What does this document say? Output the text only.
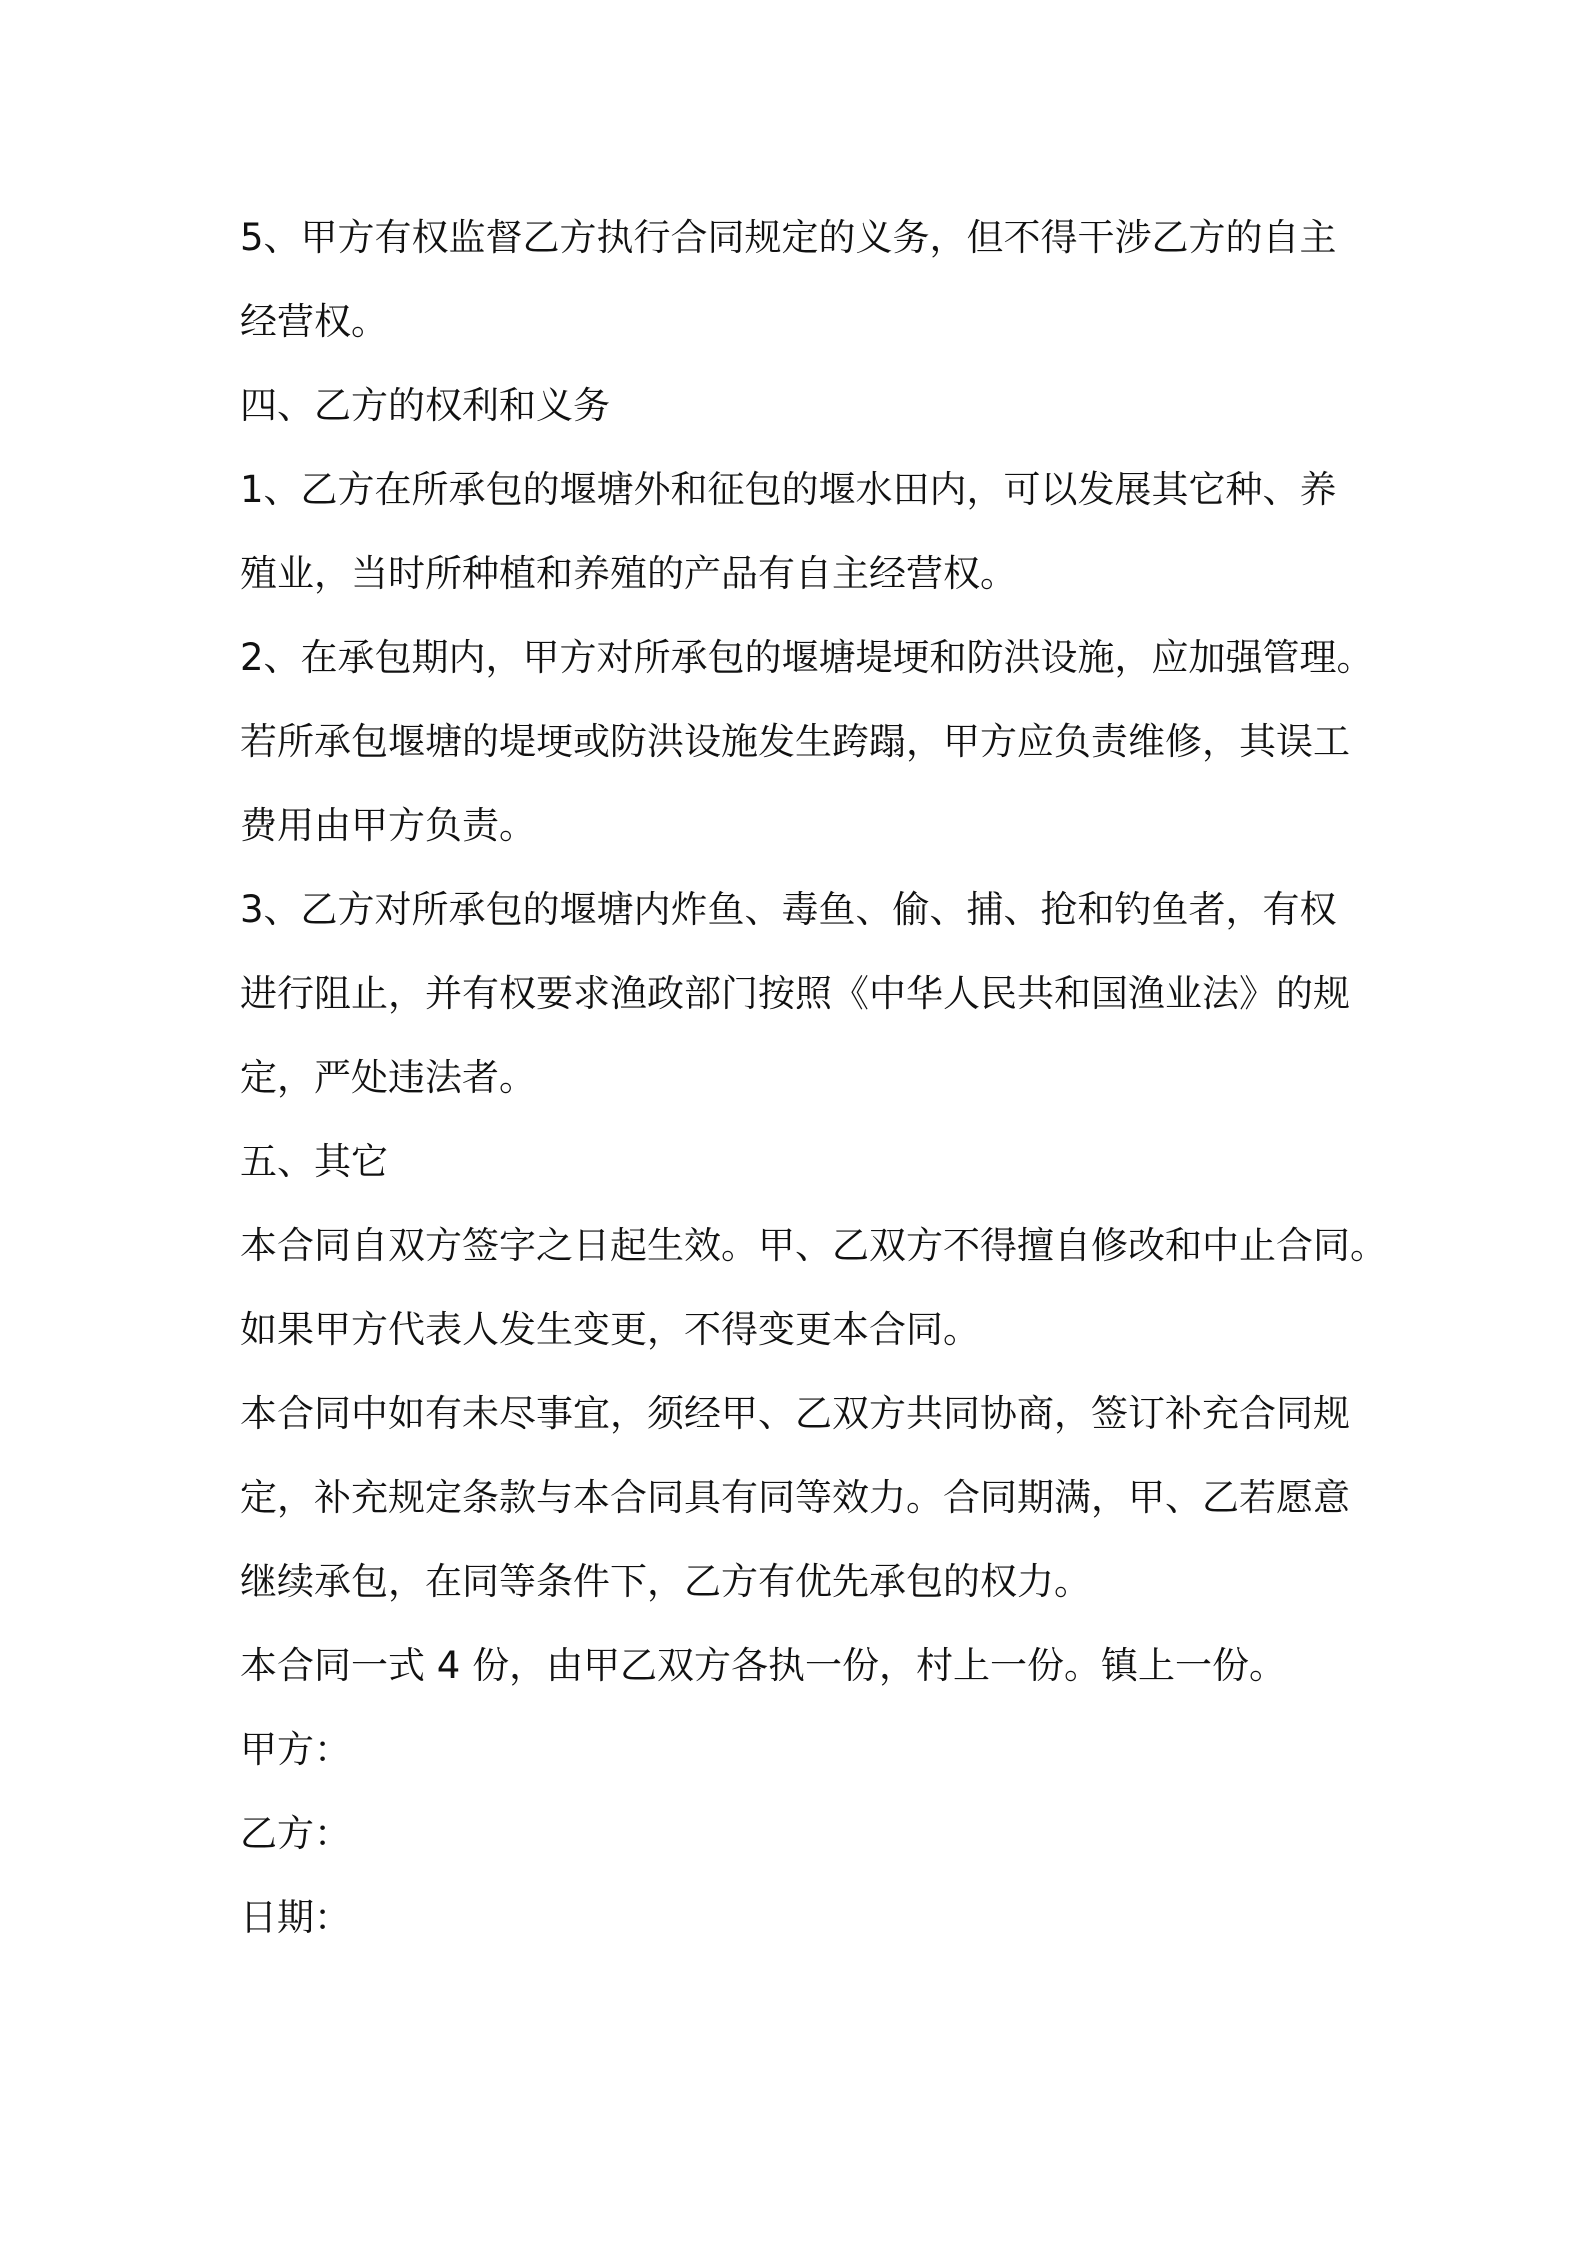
5、甲方有权监督乙方执行合同规定的义务，但不得干涉乙方的自主
经营权。
四、乙方的权利和义务
1、乙方在所承包的堰塘外和征包的堰水田内，可以发展其它种、养
殖业，当时所种植和养殖的产品有自主经营权。
2、在承包期内，甲方对所承包的堰塘堤埂和防洪设施，应加强管理。
若所承包堰塘的堤埂或防洪设施发生跨蹋，甲方应负责维修，其误工
费用由甲方负责。
3、乙方对所承包的堰塘内炸鱼、毒鱼、偷、捕、抢和钓鱼者，有权
进行阻止，并有权要求渔政部门按照《中华人民共和国渔业法》的规
定，严处违法者。
五、其它
本合同自双方签字之日起生效。甲、乙双方不得擅自修改和中止合同。
如果甲方代表人发生变更，不得变更本合同。
本合同中如有未尽事宜，须经甲、乙双方共同协商，签订补充合同规
定，补充规定条款与本合同具有同等效力。合同期满，甲、乙若愿意
继续承包，在同等条件下，乙方有优先承包的权力。
本合同一式 4 份，由甲乙双方各执一份，村上一份。镇上一份。
甲方：
乙方：
日期：
